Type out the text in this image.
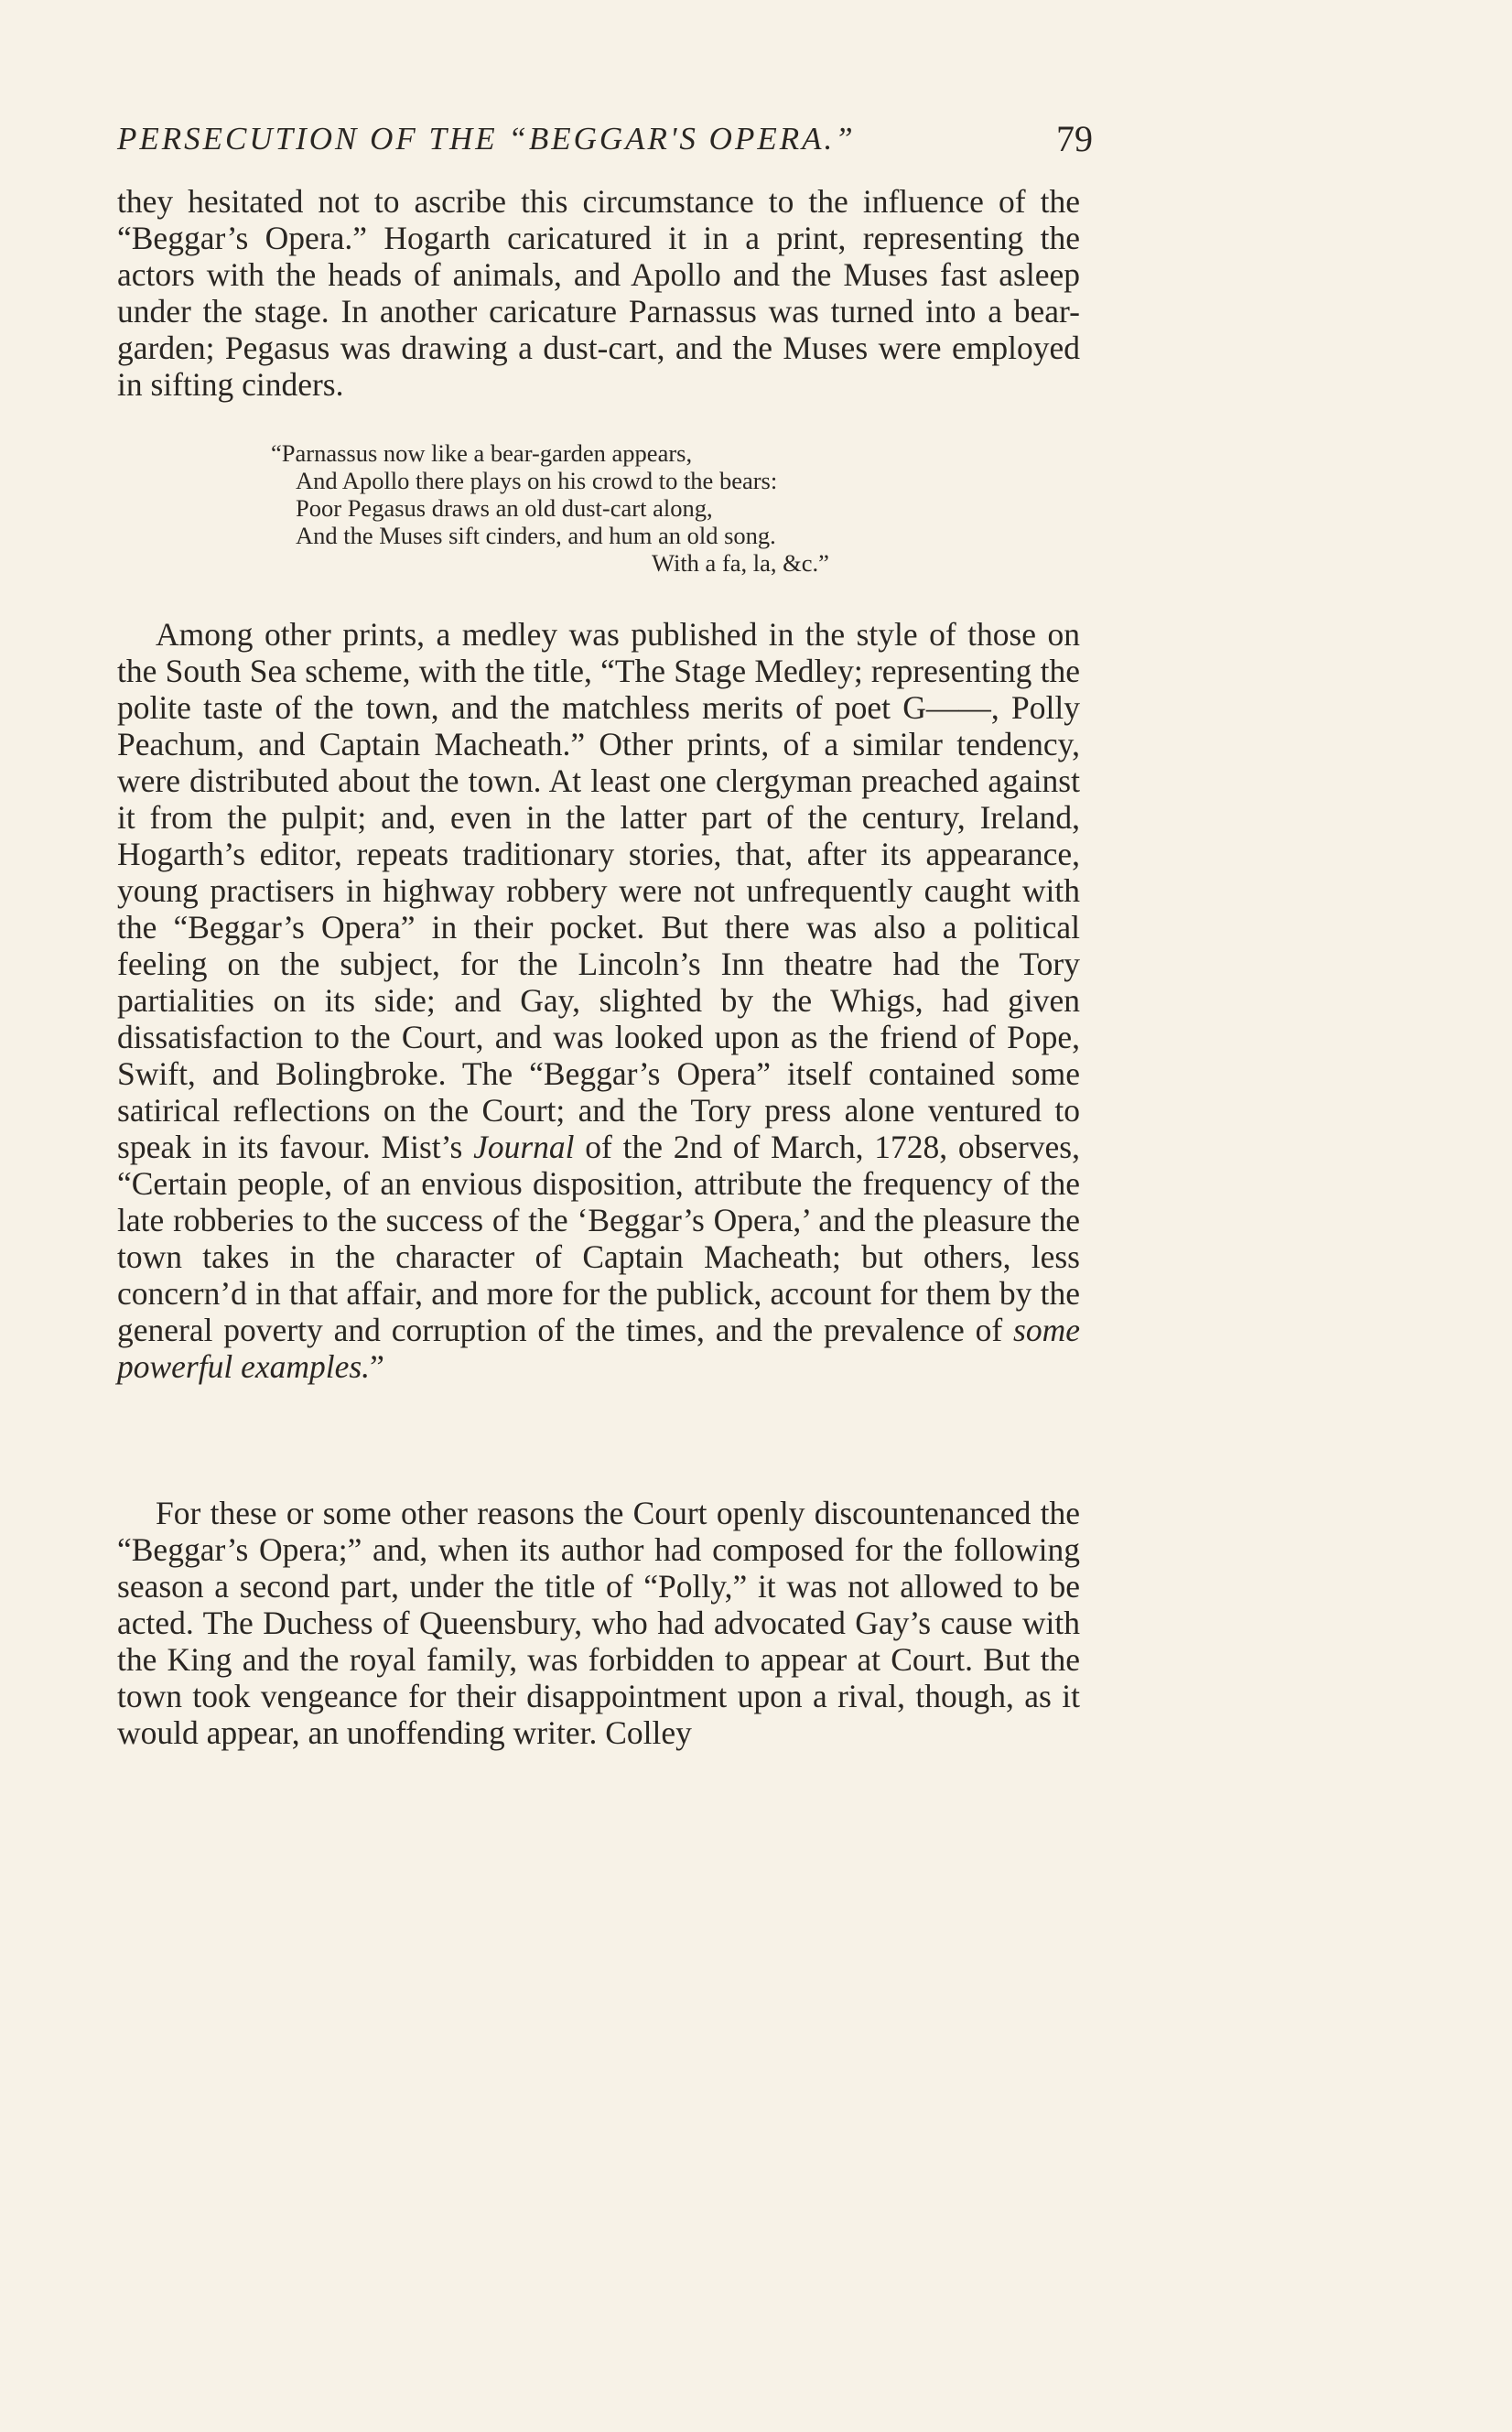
PERSECUTION OF THE “BEGGAR'S OPERA.”	79

they hesitated not to ascribe this circumstance to the influence of the “Beggar’s Opera.” Hogarth caricatured it in a print, representing the actors with the heads of animals, and Apollo and the Muses fast asleep under the stage. In another caricature Parnassus was turned into a bear-garden; Pegasus was drawing a dust-cart, and the Muses were employed in sifting cinders.

“Parnassus now like a bear-garden appears,
And Apollo there plays on his crowd to the bears:
Poor Pegasus draws an old dust-cart along,
And the Muses sift cinders, and hum an old song.
With a fa, la, &c.”

Among other prints, a medley was published in the style of those on the South Sea scheme, with the title, “The Stage Medley; representing the polite taste of the town, and the matchless merits of poet G——, Polly Peachum, and Captain Macheath.” Other prints, of a similar tendency, were distributed about the town. At least one clergyman preached against it from the pulpit; and, even in the latter part of the century, Ireland, Hogarth’s editor, repeats traditionary stories, that, after its appearance, young practisers in highway robbery were not unfrequently caught with the “Beggar’s Opera” in their pocket. But there was also a political feeling on the subject, for the Lincoln’s Inn theatre had the Tory partialities on its side; and Gay, slighted by the Whigs, had given dissatisfaction to the Court, and was looked upon as the friend of Pope, Swift, and Bolingbroke. The “Beggar’s Opera” itself contained some satirical reflections on the Court; and the Tory press alone ventured to speak in its favour. Mist’s Journal of the 2nd of March, 1728, observes, “Certain people, of an envious disposition, attribute the frequency of the late robberies to the success of the ‘Beggar’s Opera,’ and the pleasure the town takes in the character of Captain Macheath; but others, less concern’d in that affair, and more for the publick, account for them by the general poverty and corruption of the times, and the prevalence of some powerful examples.”

For these or some other reasons the Court openly discountenanced the “Beggar’s Opera;” and, when its author had composed for the following season a second part, under the title of “Polly,” it was not allowed to be acted. The Duchess of Queensbury, who had advocated Gay’s cause with the King and the royal family, was forbidden to appear at Court. But the town took vengeance for their disappointment upon a rival, though, as it would appear, an unoffending writer. Colley
